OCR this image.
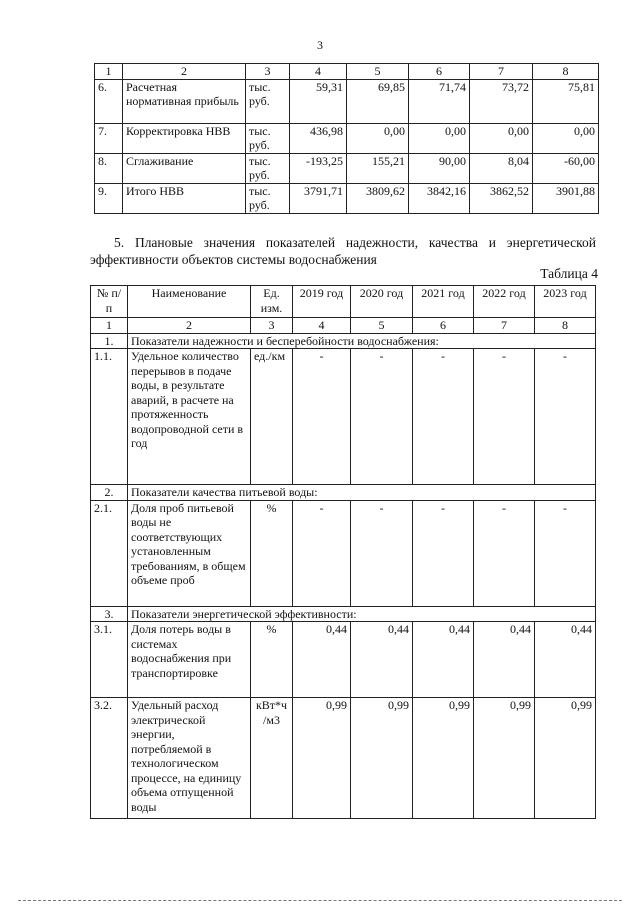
3
1	2	3	4	5	6	7	8
6.	Расчетная нормативная прибыль	тыс. руб.	59,31	69,85	71,74	73,72	75,81
7.	Корректировка НВВ	тыс. руб.	436,98	0,00	0,00	0,00	0,00
8.	Сглаживание	тыс. руб.	-193,25	155,21	90,00	8,04	-60,00
9.	Итого НВВ	тыс. руб.	3791,71	3809,62	3842,16	3862,52	3901,88
5. Плановые значения показателей надежности, качества и энергетической эффективности объектов системы водоснабжения
Таблица 4
№ п/п	Наименование	Ед. изм.	2019 год	2020 год	2021 год	2022 год	2023 год
1	2	3	4	5	6	7	8
1.	Показатели надежности и бесперебойности водоснабжения:						
1.1.	Удельное количество перерывов в подаче воды, в результате аварий, в расчете на протяженность водопроводной сети в год	ед./км	-	-	-	-	-
2.	Показатели качества питьевой воды:						
2.1.	Доля проб питьевой воды не соответствующих установленным требованиям, в общем объеме проб	%	-	-	-	-	-
3.	Показатели энергетической эффективности:						
3.1.	Доля потерь воды в системах водоснабжения при транспортировке	%	0,44	0,44	0,44	0,44	0,44
3.2.	Удельный расход электрической энергии, потребляемой в технологическом процессе, на единицу объема отпущенной воды	кВт*ч /м3	0,99	0,99	0,99	0,99	0,99
